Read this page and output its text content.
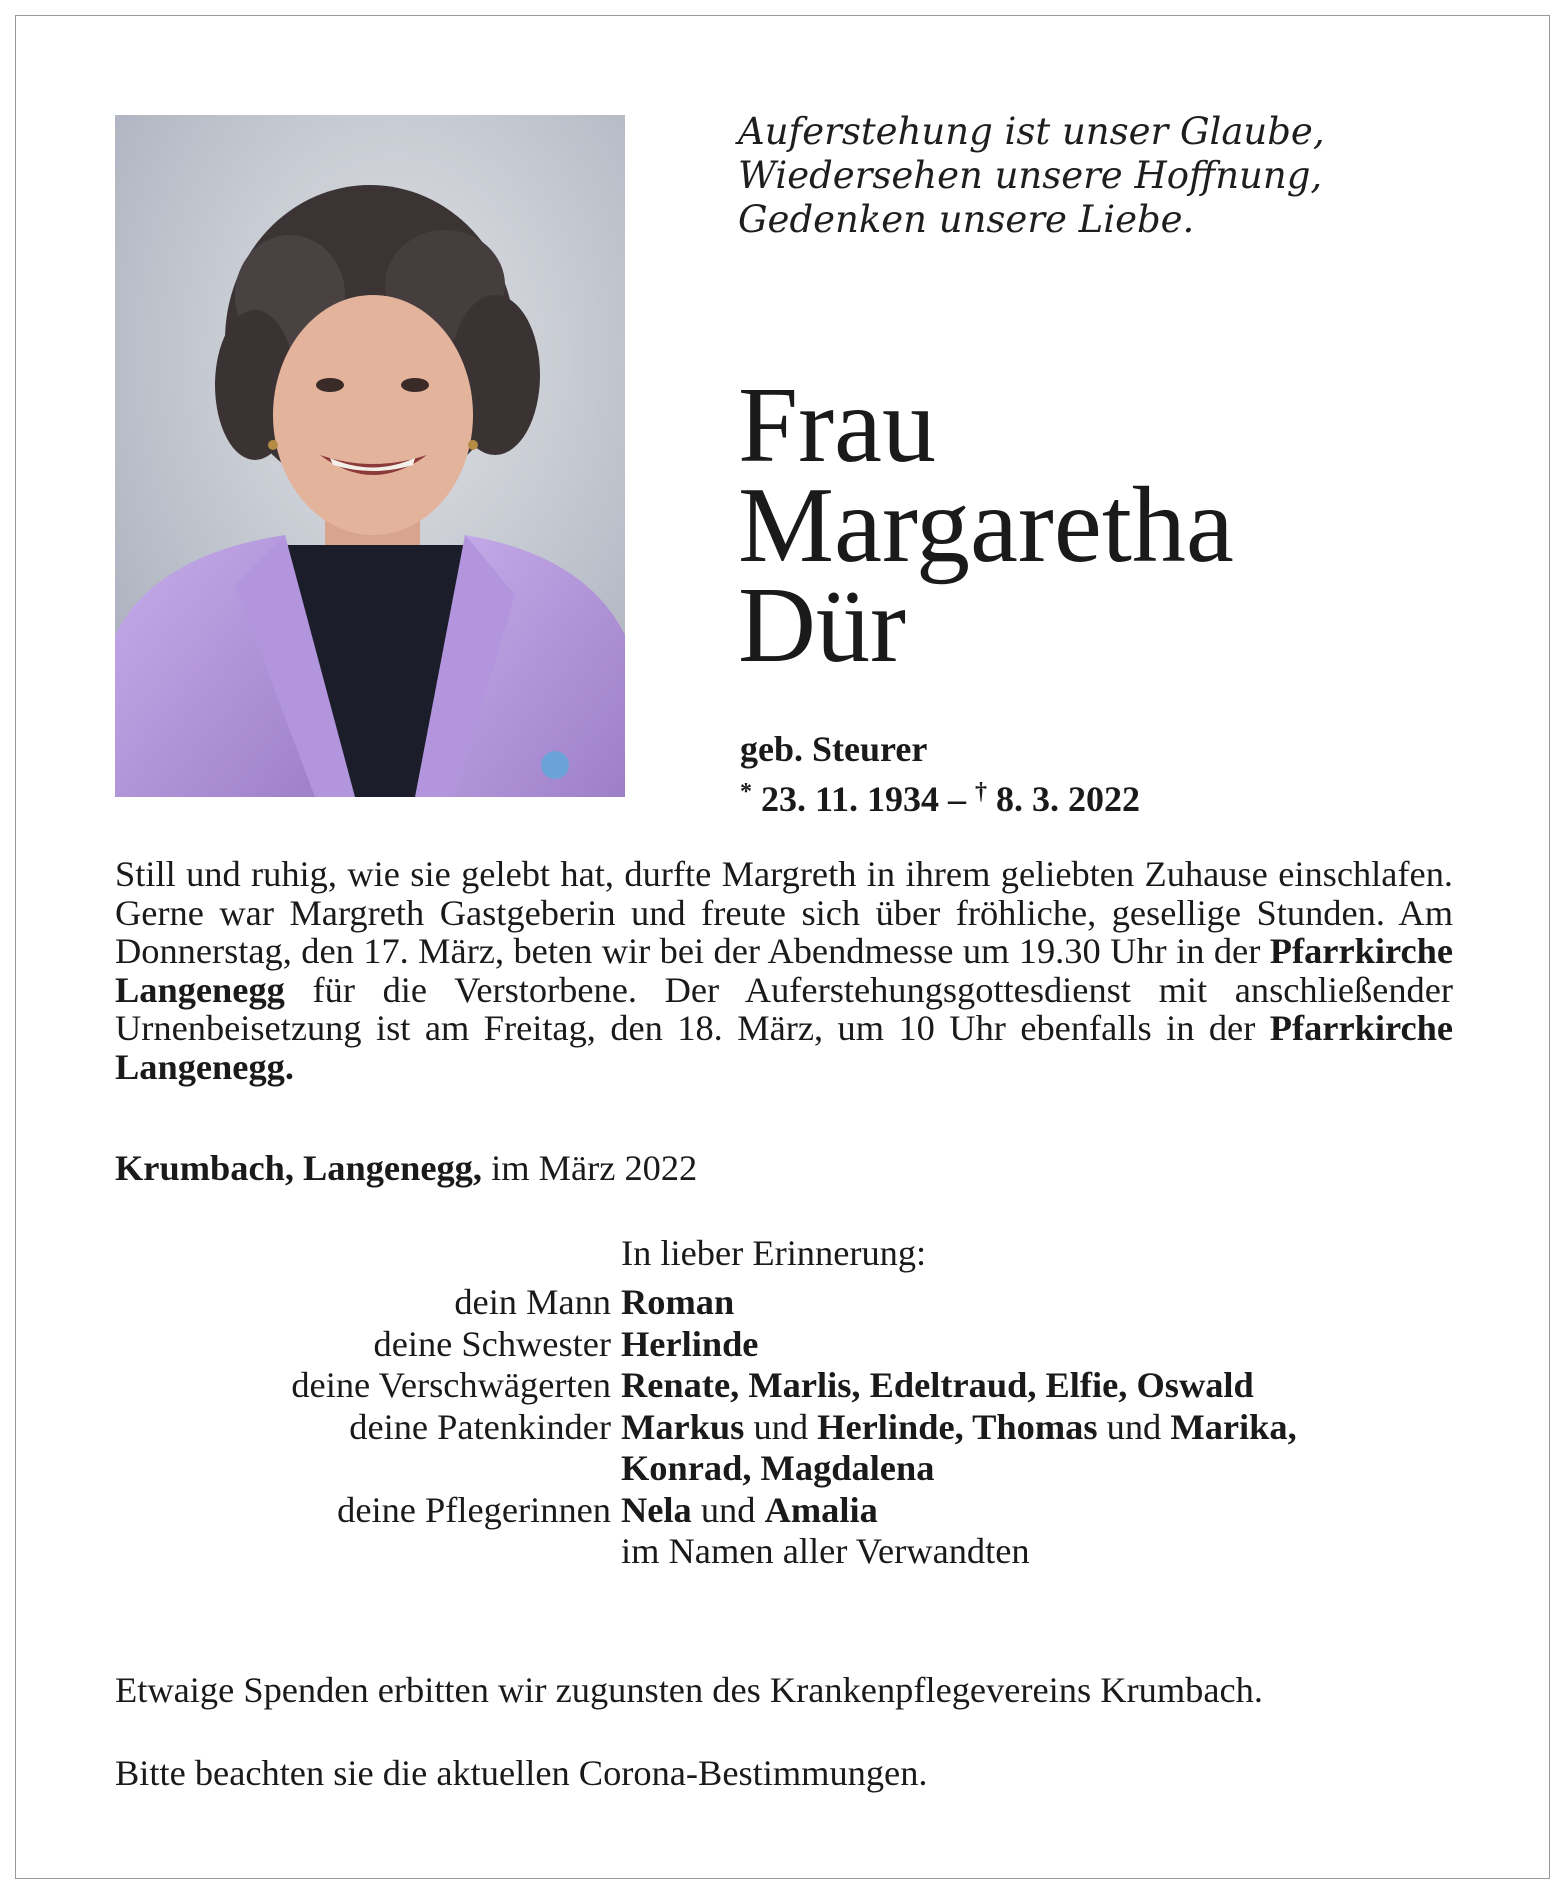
Auferstehung ist unser Glaube,
Wiedersehen unsere Hoffnung,
Gedenken unsere Liebe.
Frau
Margaretha
Dür
geb. Steurer
* 23. 11. 1934 – † 8. 3. 2022
Still und ruhig, wie sie gelebt hat, durfte Margreth in ihrem geliebten Zuhause einschlafen. Gerne war Margreth Gastgeberin und freute sich über fröhliche, gesellige Stunden. Am Donnerstag, den 17. März, beten wir bei der Abendmesse um 19.30 Uhr in der Pfarrkirche Langenegg für die Verstorbene. Der Auferstehungsgottesdienst mit anschließender Urnenbeisetzung ist am Freitag, den 18. März, um 10 Uhr ebenfalls in der Pfarrkirche Langenegg.
Krumbach, Langenegg, im März 2022
In lieber Erinnerung:
dein Mann Roman
deine Schwester Herlinde
deine Verschwägerten Renate, Marlis, Edeltraud, Elfie, Oswald
deine Patenkinder Markus und Herlinde, Thomas und Marika,
Konrad, Magdalena
deine Pflegerinnen Nela und Amalia
im Namen aller Verwandten
Etwaige Spenden erbitten wir zugunsten des Krankenpflegevereins Krumbach.
Bitte beachten sie die aktuellen Corona-Bestimmungen.
